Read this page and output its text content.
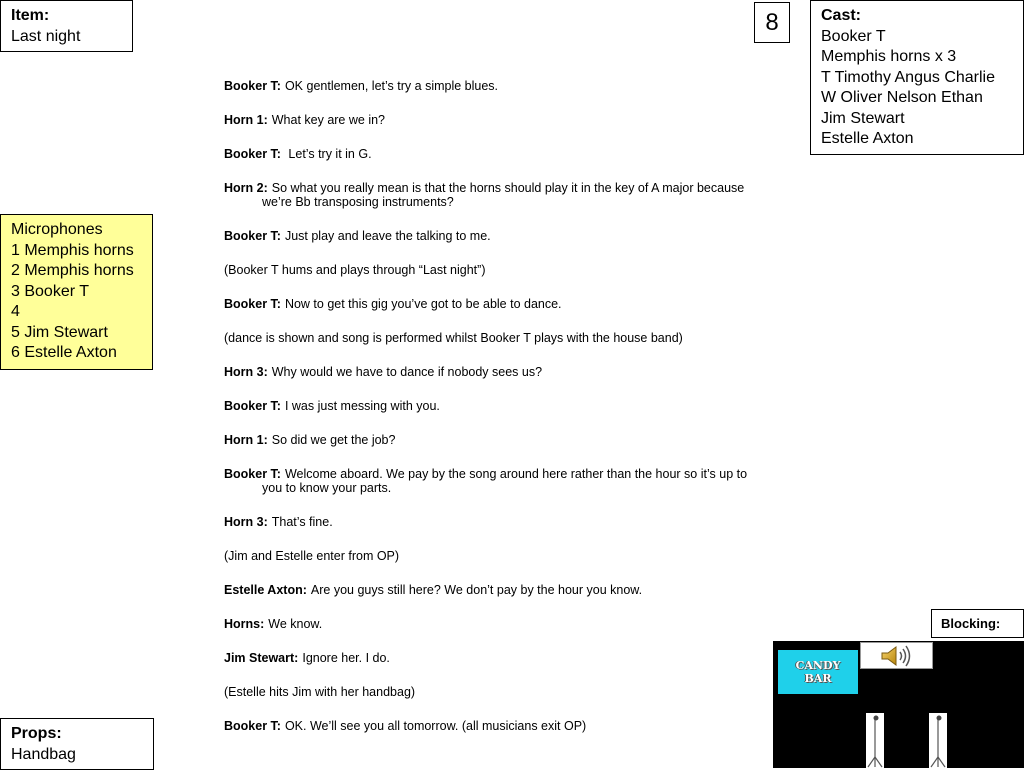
Item:
Last night	8	Cast:
Booker T
Memphis horns x 3
T Timothy Angus Charlie
W Oliver Nelson Ethan
Jim Stewart
Estelle Axton
Microphones
1 Memphis horns
2 Memphis horns
3 Booker T
4
5 Jim Stewart
6 Estelle Axton

Booker T: OK gentlemen, let’s try a simple blues.

Horn 1: What key are we in?

Booker T: Let’s try it in G.

Horn 2: So what you really mean is that the horns should play it in the key of A major because we’re Bb transposing instruments?

Booker T: Just play and leave the talking to me.

(Booker T hums and plays through “Last night”)

Booker T: Now to get this gig you’ve got to be able to dance.

(dance is shown and song is performed whilst Booker T plays with the house band)

Horn 3: Why would we have to dance if nobody sees us?

Booker T: I was just messing with you.

Horn 1: So did we get the job?

Booker T: Welcome aboard. We pay by the song around here rather than the hour so it’s up to you to know your parts.

Horn 3: That’s fine.

(Jim and Estelle enter from OP)

Estelle Axton: Are you guys still here? We don’t pay by the hour you know.

Horns: We know.

Jim Stewart: Ignore her. I do.

(Estelle hits Jim with her handbag)

Booker T: OK. We’ll see you all tomorrow. (all musicians exit OP)

Blocking:
CANDY BAR
Props:
Handbag
